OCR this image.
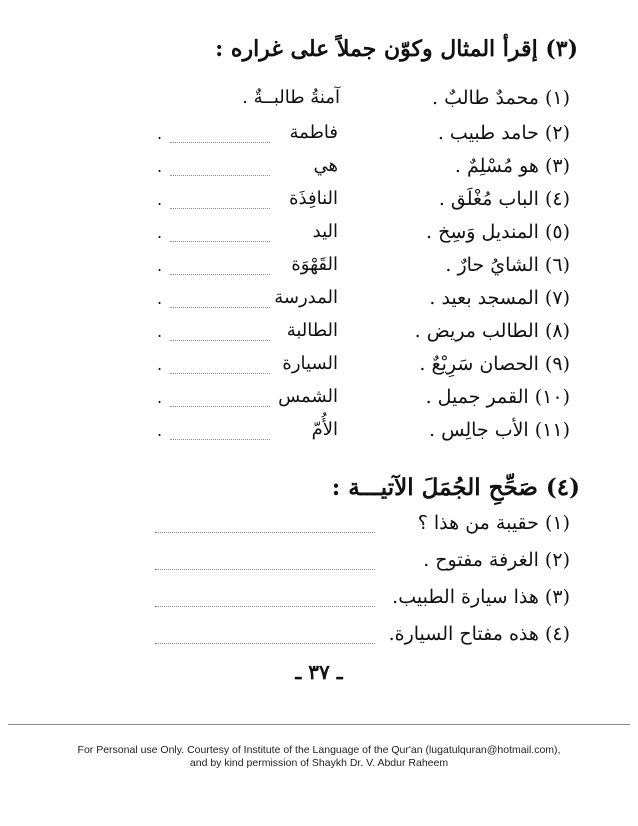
(٣) إقرأ المثال وكوّن جملاً على غراره :
(١) محمدٌ طالبٌ .
آمنةُ طالبــةٌ .
(٢) حامد طبيب .
فاطمة
.
(٣) هو مُسْلِمٌ .
هي
.
(٤) الباب مُغْلَق .
النافِذَة
.
(٥) المنديل وَسِخ .
اليد
.
(٦) الشايُ حارٌ .
القَهْوَة
.
(٧) المسجد بعيد .
المدرسة
.
(٨) الطالب مريض .
الطالبة
.
(٩) الحصان سَرِيْعٌ .
السيارة
.
(١٠) القمر جميل .
الشمس
.
(١١) الأب جالِس .
الأُمّ
.
(٤) صَحِّحِ الجُمَلَ الآتيـــة :
(١) حقيبة من هذا ؟
(٢) الغرفة مفتوح .
(٣) هذا سيارة الطبيب.
(٤) هذه مفتاح السيارة.
ـ ٣٧ ـ
For Personal use Only. Courtesy of Institute of the Language of the Qur'an (lugatulquran@hotmail.com),
and by kind permission of Shaykh Dr. V. Abdur Raheem
